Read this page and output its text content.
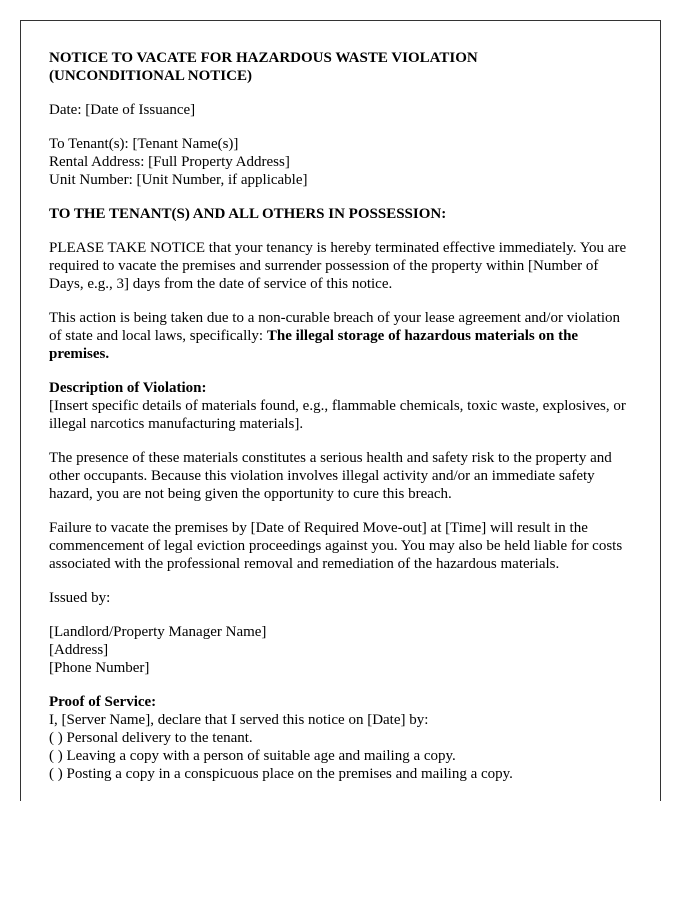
NOTICE TO VACATE FOR HAZARDOUS WASTE VIOLATION
(UNCONDITIONAL NOTICE)

Date: [Date of Issuance]

To Tenant(s): [Tenant Name(s)]
Rental Address: [Full Property Address]
Unit Number: [Unit Number, if applicable]

TO THE TENANT(S) AND ALL OTHERS IN POSSESSION:

PLEASE TAKE NOTICE that your tenancy is hereby terminated effective immediately. You are required to vacate the premises and surrender possession of the property within [Number of Days, e.g., 3] days from the date of service of this notice.

This action is being taken due to a non-curable breach of your lease agreement and/or violation of state and local laws, specifically: The illegal storage of hazardous materials on the premises.

Description of Violation:
[Insert specific details of materials found, e.g., flammable chemicals, toxic waste, explosives, or illegal narcotics manufacturing materials].

The presence of these materials constitutes a serious health and safety risk to the property and other occupants. Because this violation involves illegal activity and/or an immediate safety hazard, you are not being given the opportunity to cure this breach.

Failure to vacate the premises by [Date of Required Move-out] at [Time] will result in the commencement of legal eviction proceedings against you. You may also be held liable for costs associated with the professional removal and remediation of the hazardous materials.

Issued by:

[Landlord/Property Manager Name]
[Address]
[Phone Number]

Proof of Service:
I, [Server Name], declare that I served this notice on [Date] by:
( ) Personal delivery to the tenant.
( ) Leaving a copy with a person of suitable age and mailing a copy.
( ) Posting a copy in a conspicuous place on the premises and mailing a copy.
